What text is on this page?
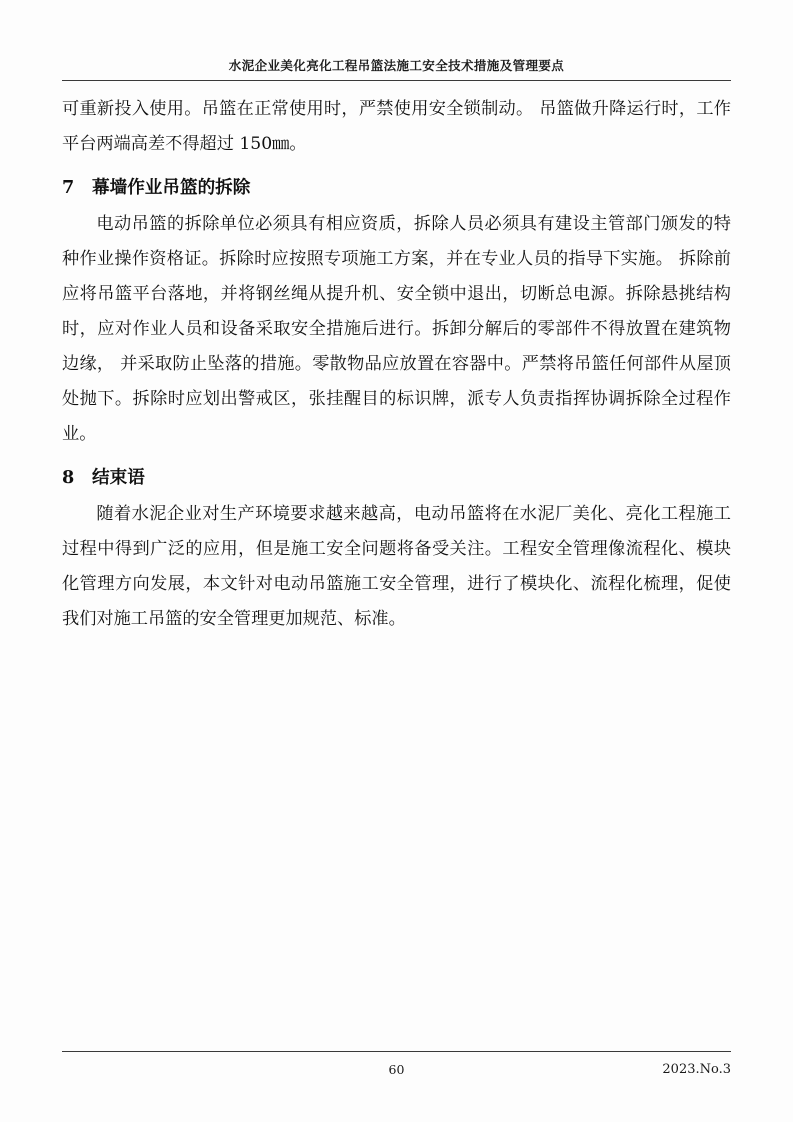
水泥企业美化亮化工程吊篮法施工安全技术措施及管理要点

可重新投入使用。吊篮在正常使用时，严禁使用安全锁制动。 吊篮做升降运行时，工作平台两端高差不得超过 150㎜。

7 幕墙作业吊篮的拆除

电动吊篮的拆除单位必须具有相应资质，拆除人员必须具有建设主管部门颁发的特种作业操作资格证。拆除时应按照专项施工方案，并在专业人员的指导下实施。 拆除前应将吊篮平台落地，并将钢丝绳从提升机、安全锁中退出，切断总电源。拆除悬挑结构时，应对作业人员和设备采取安全措施后进行。拆卸分解后的零部件不得放置在建筑物边缘， 并采取防止坠落的措施。零散物品应放置在容器中。严禁将吊篮任何部件从屋顶处抛下。拆除时应划出警戒区，张挂醒目的标识牌，派专人负责指挥协调拆除全过程作业。

8 结束语

随着水泥企业对生产环境要求越来越高，电动吊篮将在水泥厂美化、亮化工程施工过程中得到广泛的应用，但是施工安全问题将备受关注。工程安全管理像流程化、模块化管理方向发展，本文针对电动吊篮施工安全管理，进行了模块化、流程化梳理，促使我们对施工吊篮的安全管理更加规范、标准。

60	2023.No.3
